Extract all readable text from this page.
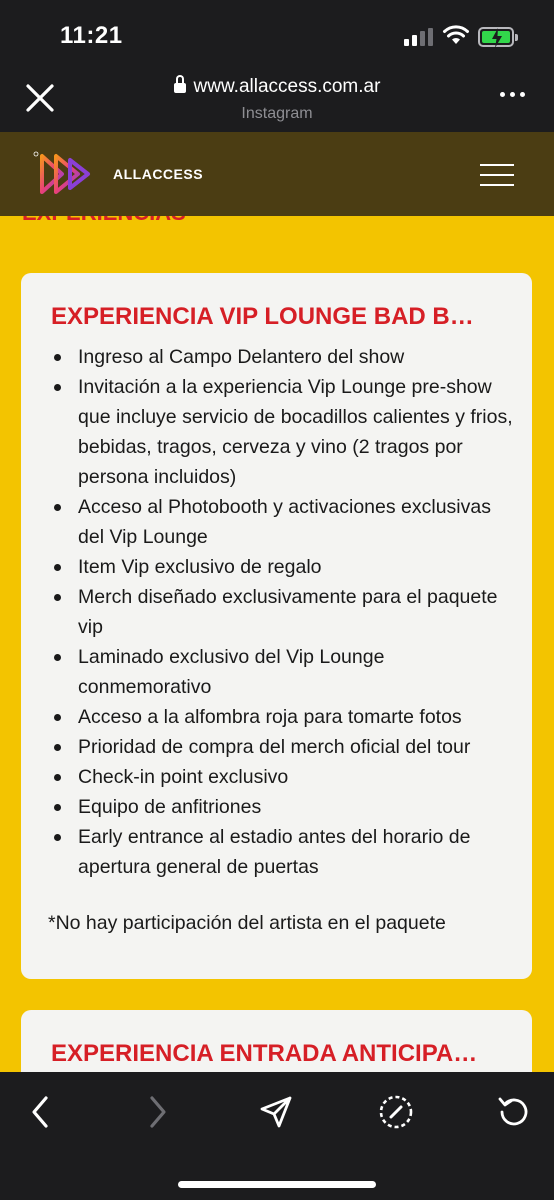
11:21
www.allaccess.com.ar
Instagram
ALLACCESS
EXPERIENCIA VIP LOUNGE BAD B…
Ingreso al Campo Delantero del show
Invitación a la experiencia Vip Lounge pre-show que incluye servicio de bocadillos calientes y frios, bebidas, tragos, cerveza y vino (2 tragos por persona incluidos)
Acceso al Photobooth y activaciones exclusivas del Vip Lounge
Item Vip exclusivo de regalo
Merch diseñado exclusivamente para el paquete vip
Laminado exclusivo del Vip Lounge conmemorativo
Acceso a la alfombra roja para tomarte fotos
Prioridad de compra del merch oficial del tour
Check-in point exclusivo
Equipo de anfitriones
Early entrance al estadio antes del horario de apertura general de puertas
*No hay participación del artista en el paquete
EXPERIENCIA ENTRADA ANTICIPA…
